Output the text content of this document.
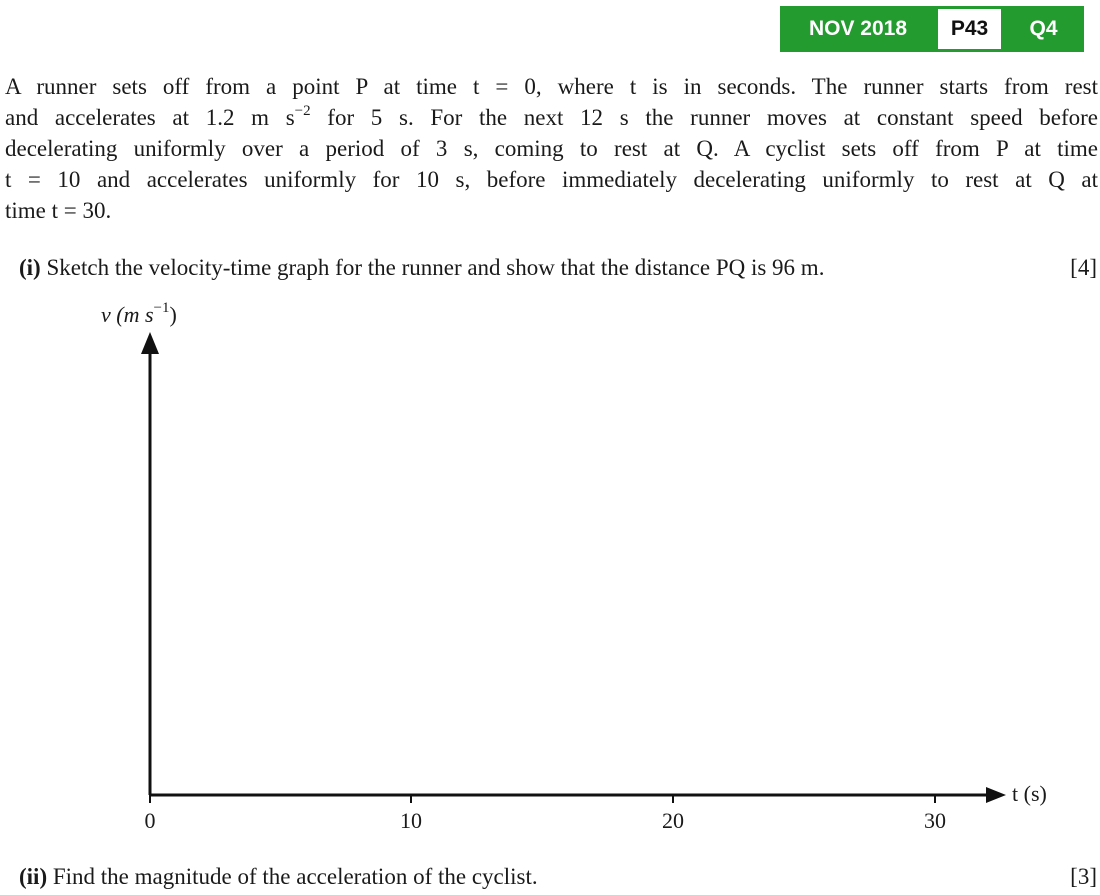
NOV 2018	P43	Q4
A runner sets off from a point P at time t = 0, where t is in seconds. The runner starts from rest
and accelerates at 1.2 m $s^{-2}$ for 5 s. For the next 12 s the runner moves at constant speed before
decelerating uniformly over a period of 3 s, coming to rest at Q. A cyclist sets off from P at time
t = 10 and accelerates uniformly for 10 s, before immediately decelerating uniformly to rest at Q at
time t = 30.
(i) Sketch the velocity-time graph for the runner and show that the distance PQ is 96 m.	[4]
v (m $s^{-1}$)
t (s)
0	10	20	30
(ii) Find the magnitude of the acceleration of the cyclist.	[3]
